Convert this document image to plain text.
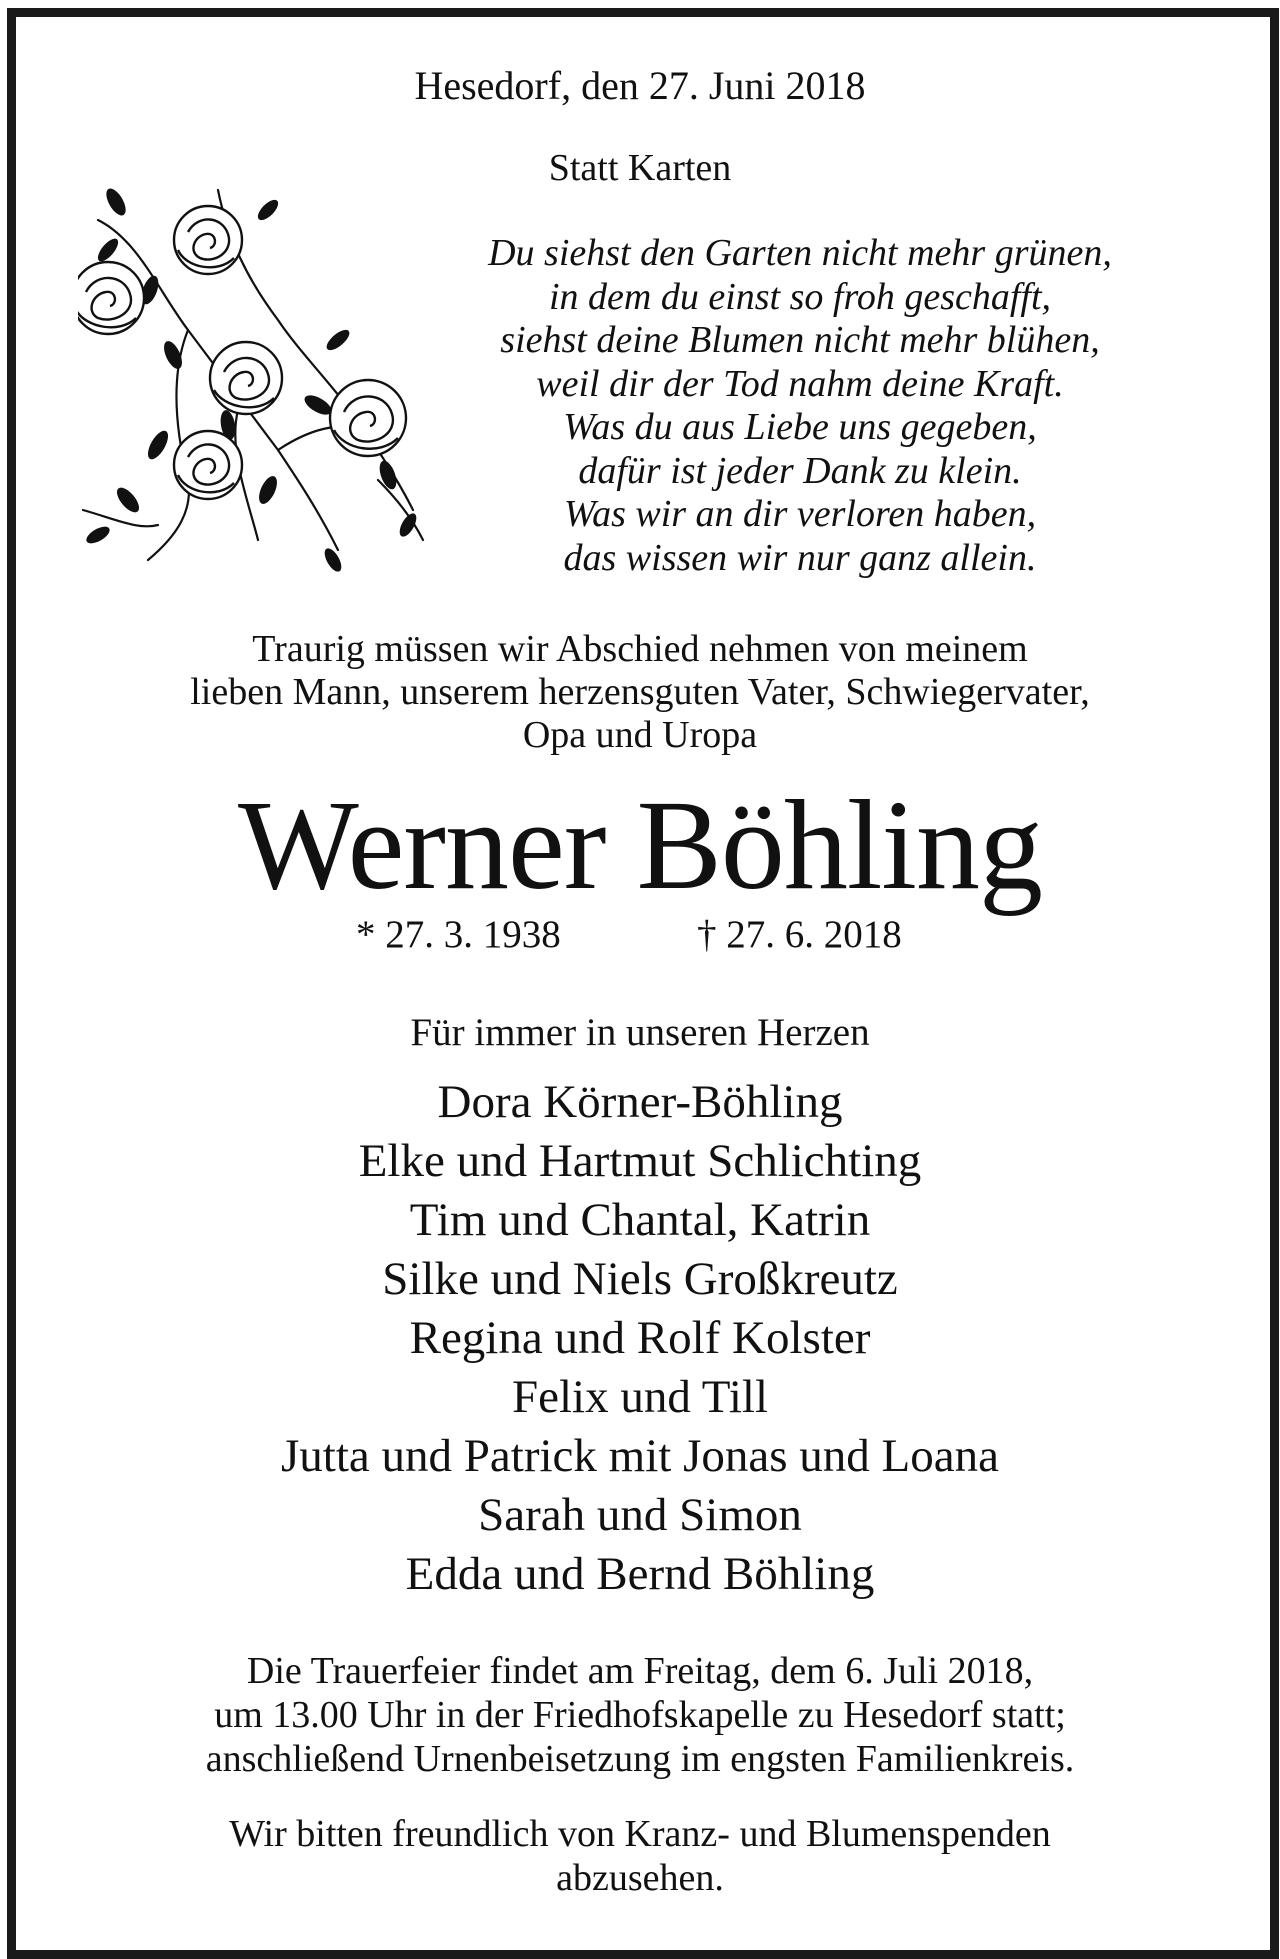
Hesedorf, den 27. Juni 2018
Statt Karten
Du siehst den Garten nicht mehr grünen,
in dem du einst so froh geschafft,
siehst deine Blumen nicht mehr blühen,
weil dir der Tod nahm deine Kraft.
Was du aus Liebe uns gegeben,
dafür ist jeder Dank zu klein.
Was wir an dir verloren haben,
das wissen wir nur ganz allein.
Traurig müssen wir Abschied nehmen von meinem
lieben Mann, unserem herzensguten Vater, Schwiegervater,
Opa und Uropa
Werner Böhling
* 27. 3. 1938	† 27. 6. 2018
Für immer in unseren Herzen
Dora Körner-Böhling
Elke und Hartmut Schlichting
Tim und Chantal, Katrin
Silke und Niels Großkreutz
Regina und Rolf Kolster
Felix und Till
Jutta und Patrick mit Jonas und Loana
Sarah und Simon
Edda und Bernd Böhling
Die Trauerfeier findet am Freitag, dem 6. Juli 2018,
um 13.00 Uhr in der Friedhofskapelle zu Hesedorf statt;
anschließend Urnenbeisetzung im engsten Familienkreis.
Wir bitten freundlich von Kranz- und Blumenspenden
abzusehen.
